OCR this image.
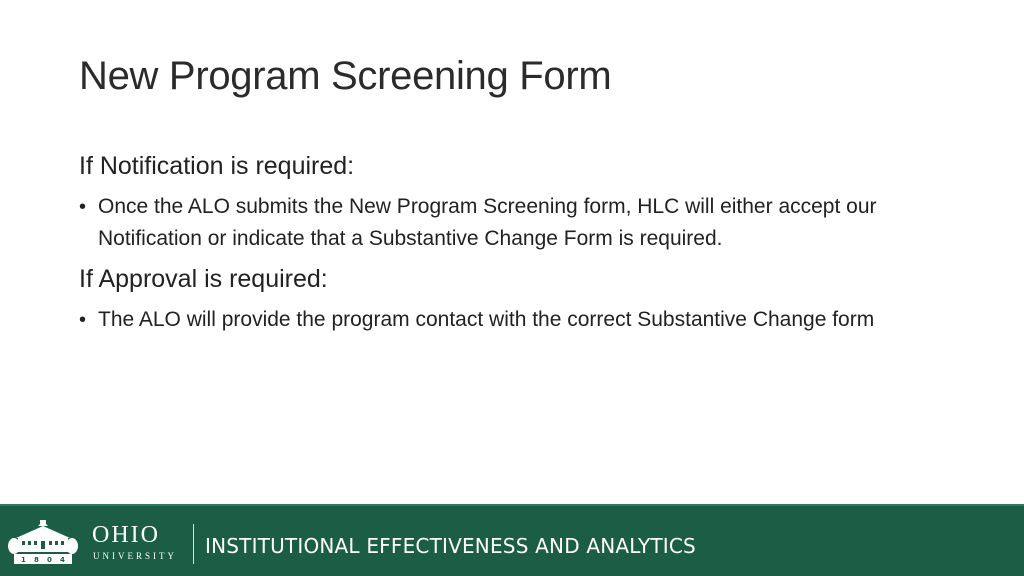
New Program Screening Form
If Notification is required:
• Once the ALO submits the New Program Screening form, HLC will either accept our Notification or indicate that a Substantive Change Form is required.
If Approval is required:
• The ALO will provide the program contact with the correct Substantive Change form
1 8 0 4
OHIO
UNIVERSITY INSTITUTIONAL EFFECTIVENESS AND ANALYTICS
